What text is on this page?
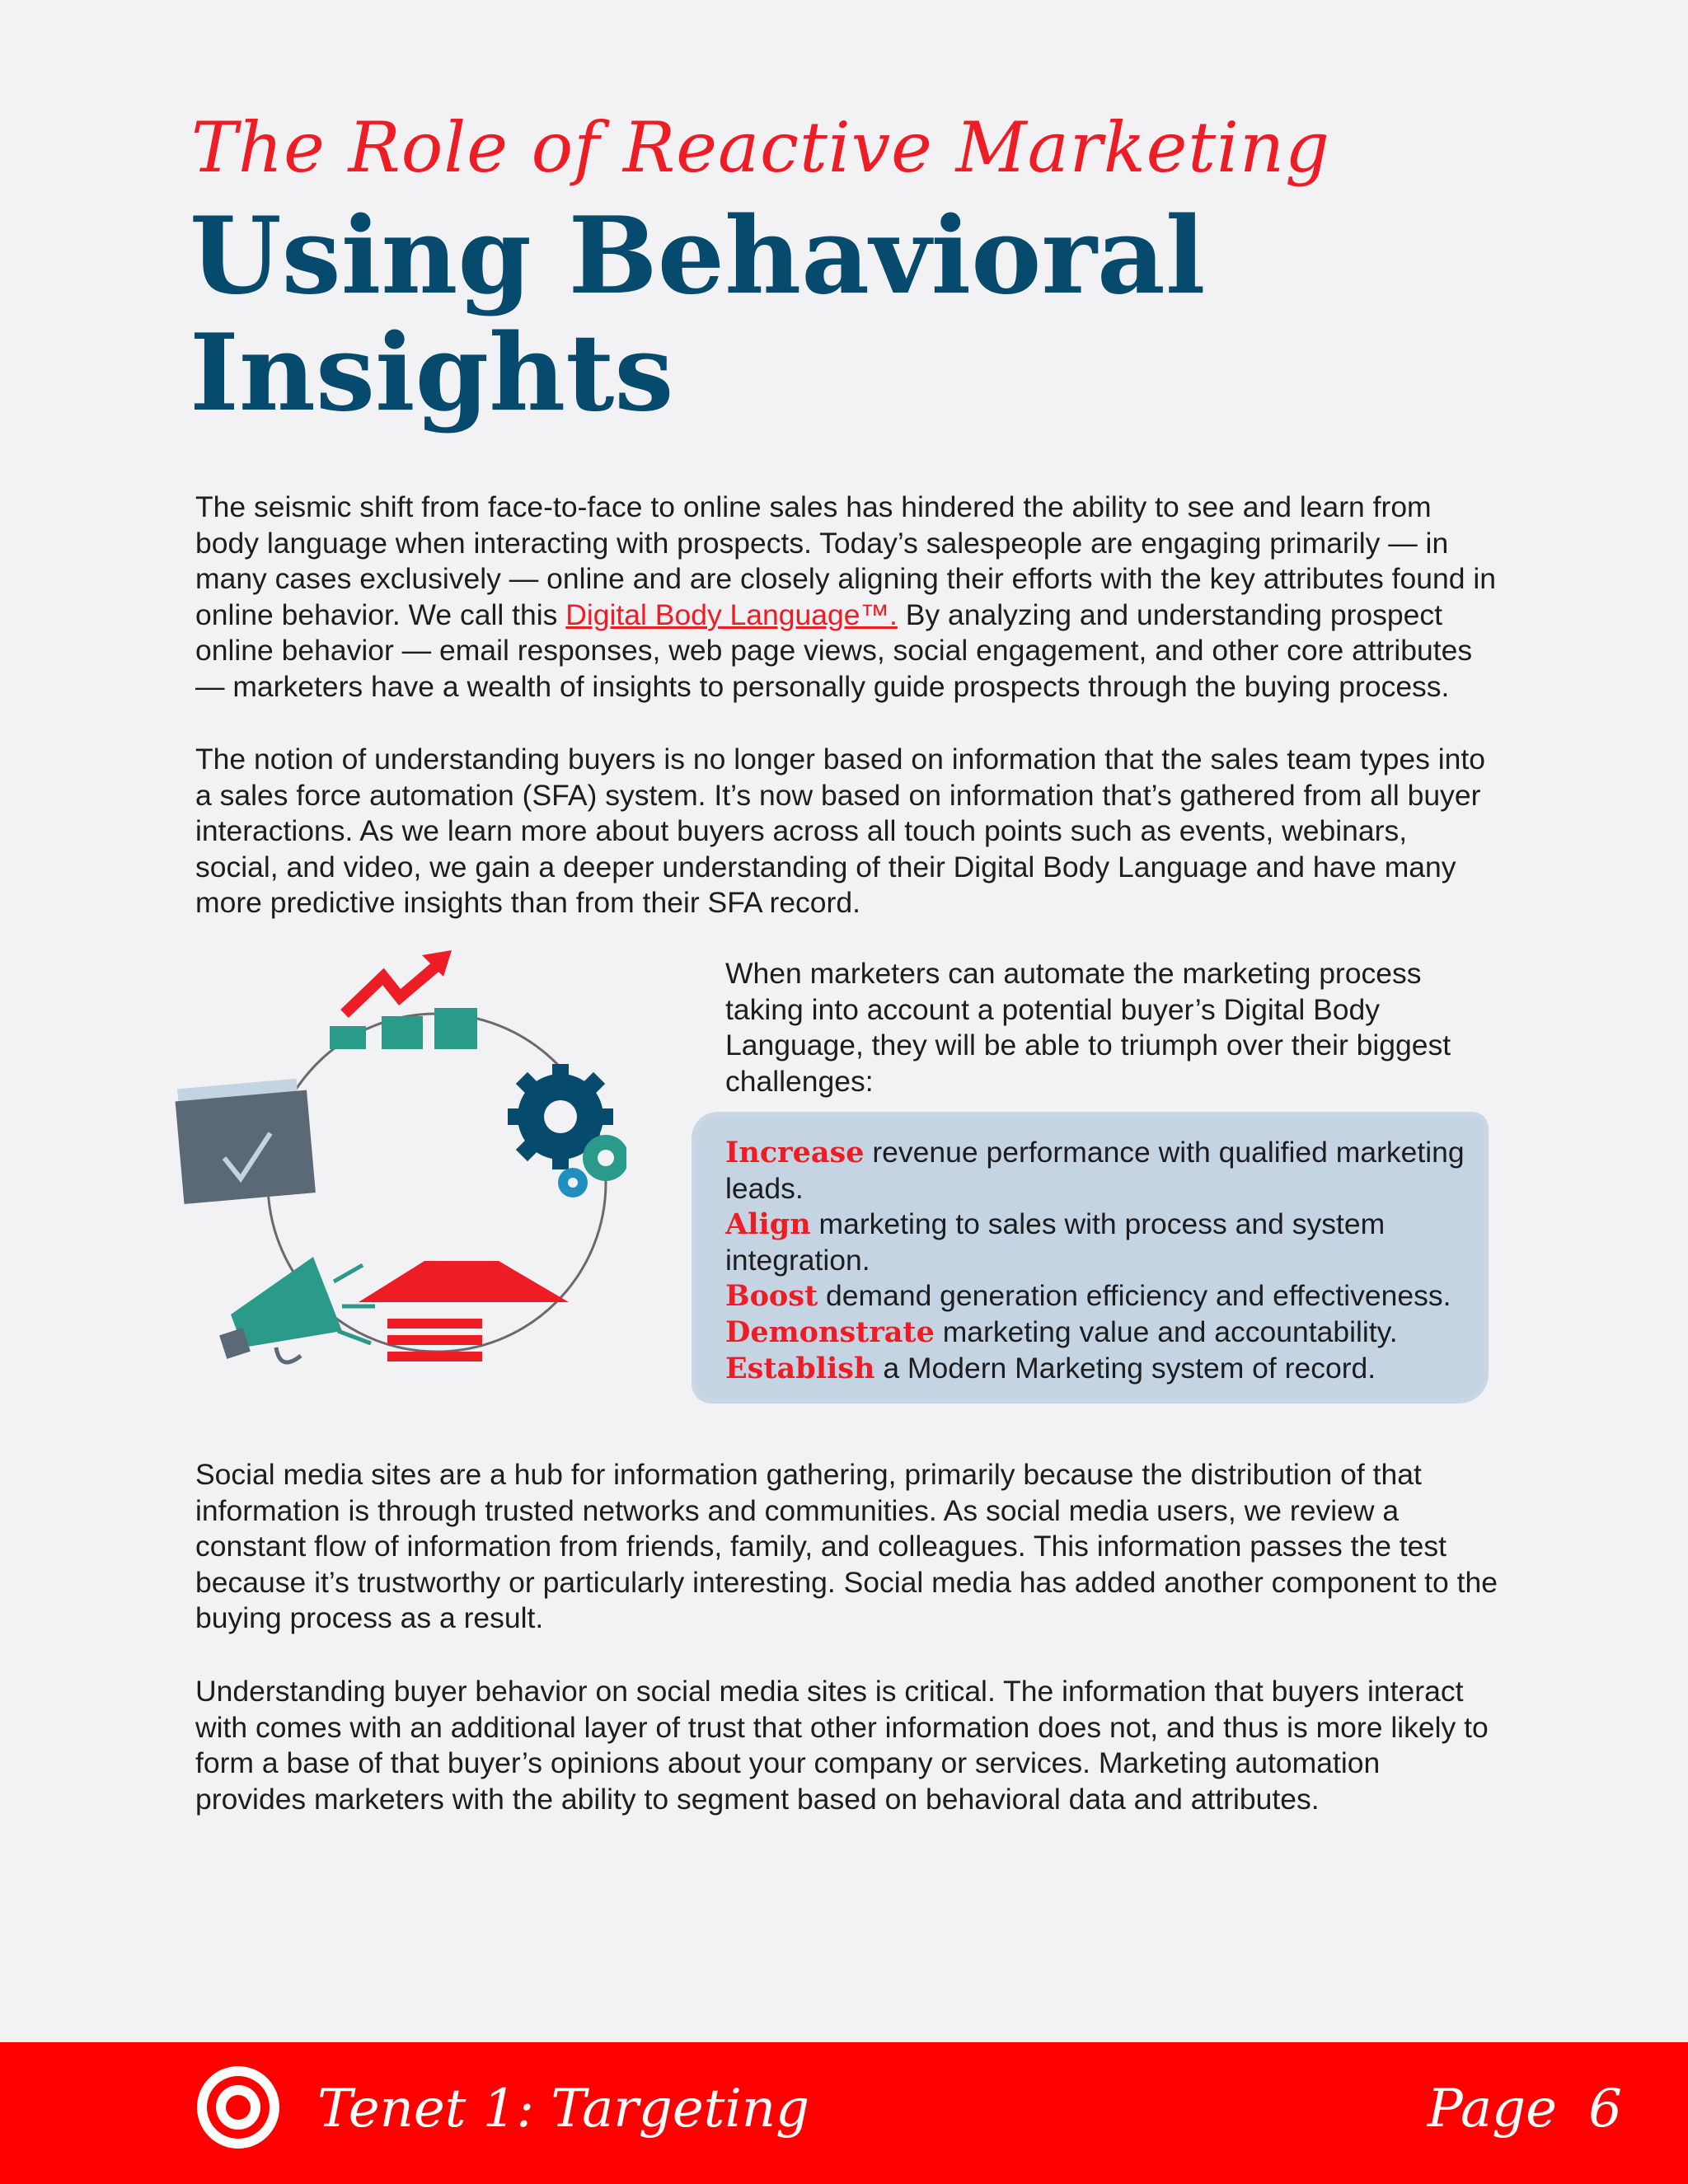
The Role of Reactive Marketing
Using Behavioral
Insights

The seismic shift from face-to-face to online sales has hindered the ability to see and learn from body language when interacting with prospects. Today’s salespeople are engaging primarily — in many cases exclusively — online and are closely aligning their efforts with the key attributes found in online behavior. We call this Digital Body Language™. By analyzing and understanding prospect online behavior — email responses, web page views, social engagement, and other core attributes — marketers have a wealth of insights to personally guide prospects through the buying process.

The notion of understanding buyers is no longer based on information that the sales team types into a sales force automation (SFA) system. It’s now based on information that’s gathered from all buyer interactions. As we learn more about buyers across all touch points such as events, webinars, social, and video, we gain a deeper understanding of their Digital Body Language and have many more predictive insights than from their SFA record.

When marketers can automate the marketing process taking into account a potential buyer’s Digital Body Language, they will be able to triumph over their biggest challenges:
Increase revenue performance with qualified marketing leads.
Align marketing to sales with process and system integration.
Boost demand generation efficiency and effectiveness.
Demonstrate marketing value and accountability.
Establish a Modern Marketing system of record.

Social media sites are a hub for information gathering, primarily because the distribution of that information is through trusted networks and communities. As social media users, we review a constant flow of information from friends, family, and colleagues. This information passes the test because it’s trustworthy or particularly interesting. Social media has added another component to the buying process as a result.

Understanding buyer behavior on social media sites is critical. The information that buyers interact with comes with an additional layer of trust that other information does not, and thus is more likely to form a base of that buyer’s opinions about your company or services. Marketing automation provides marketers with the ability to segment based on behavioral data and attributes.

Tenet 1: Targeting	Page 6
